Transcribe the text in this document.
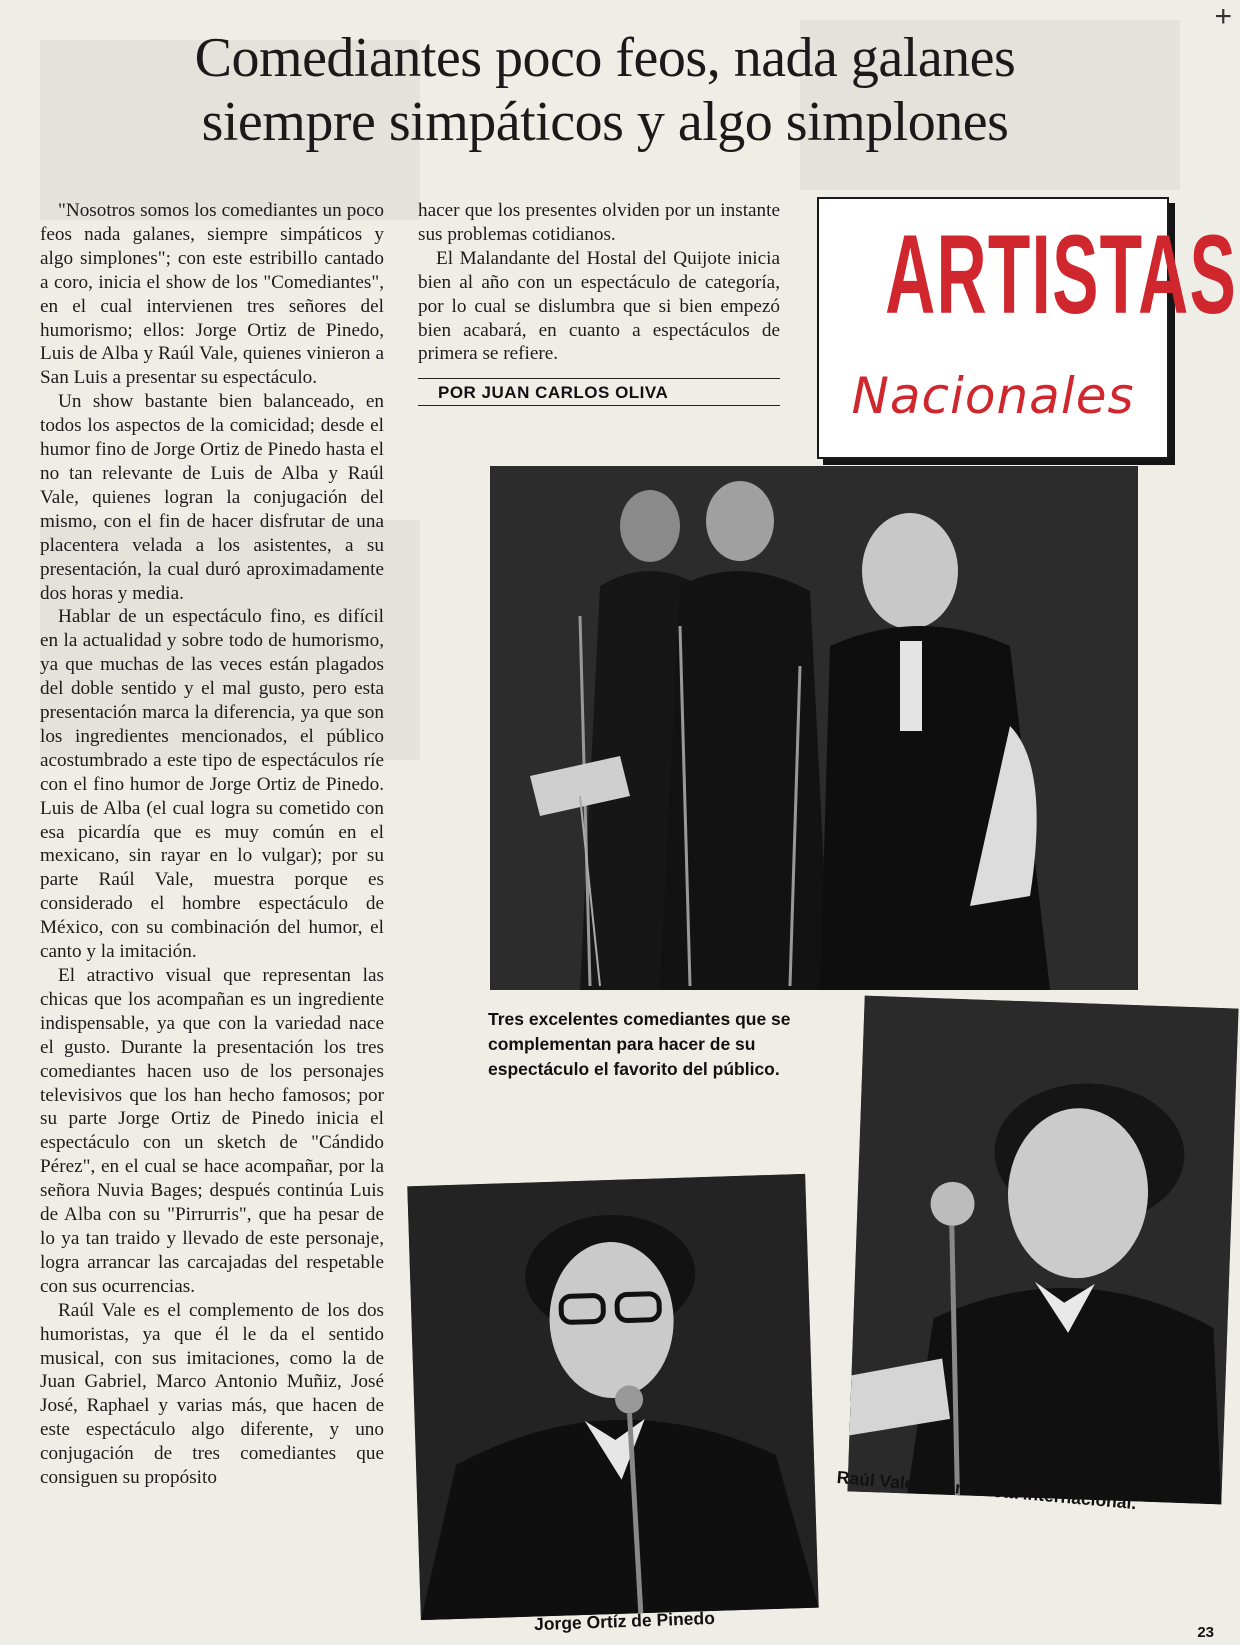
+
Comediantes poco feos, nada galanes
siempre simpáticos y algo simplones

"Nosotros somos los comediantes un poco feos nada galanes, siempre simpáticos y algo simplones"; con este estribillo cantado a coro, inicia el show de los "Comediantes", en el cual intervienen tres señores del humorismo; ellos: Jorge Ortiz de Pinedo, Luis de Alba y Raúl Vale, quienes vinieron a San Luis a presentar su espectáculo.

Un show bastante bien balanceado, en todos los aspectos de la comicidad; desde el humor fino de Jorge Ortiz de Pinedo hasta el no tan relevante de Luis de Alba y Raúl Vale, quienes logran la conjugación del mismo, con el fin de hacer disfrutar de una placentera velada a los asistentes, a su presentación, la cual duró aproximadamente dos horas y media.

Hablar de un espectáculo fino, es difícil en la actualidad y sobre todo de humorismo, ya que muchas de las veces están plagados del doble sentido y el mal gusto, pero esta presentación marca la diferencia, ya que son los ingredientes mencionados, el público acostumbrado a este tipo de espectáculos ríe con el fino humor de Jorge Ortiz de Pinedo. Luis de Alba (el cual logra su cometido con esa picardía que es muy común en el mexicano, sin rayar en lo vulgar); por su parte Raúl Vale, muestra porque es considerado el hombre espectáculo de México, con su combinación del humor, el canto y la imitación.

El atractivo visual que representan las chicas que los acompañan es un ingrediente indispensable, ya que con la variedad nace el gusto. Durante la presentación los tres comediantes hacen uso de los personajes televisivos que los han hecho famosos; por su parte Jorge Ortiz de Pinedo inicia el espectáculo con un sketch de "Cándido Pérez", en el cual se hace acompañar, por la señora Nuvia Bages; después continúa Luis de Alba con su "Pirrurris", que ha pesar de lo ya tan traido y llevado de este personaje, logra arrancar las carcajadas del respetable con sus ocurrencias.

Raúl Vale es el complemento de los dos humoristas, ya que él le da el sentido musical, con sus imitaciones, como la de Juan Gabriel, Marco Antonio Muñiz, José José, Raphael y varias más, que hacen de este espectáculo algo diferente, y uno conjugación de tres comediantes que consiguen su propósito

hacer que los presentes olviden por un instante sus problemas cotidianos.

El Malandante del Hostal del Quijote inicia bien al año con un espectáculo de categoría, por lo cual se dislumbra que si bien empezó bien acabará, en cuanto a espectáculos de primera se refiere.

POR JUAN CARLOS OLIVA
ARTISTAS
Nacionales
Tres excelentes comediantes que se complementan para hacer de su espectáculo el favorito del público.
Raúl Vale... humorista internacional.
Jorge Ortíz de Pinedo	23
